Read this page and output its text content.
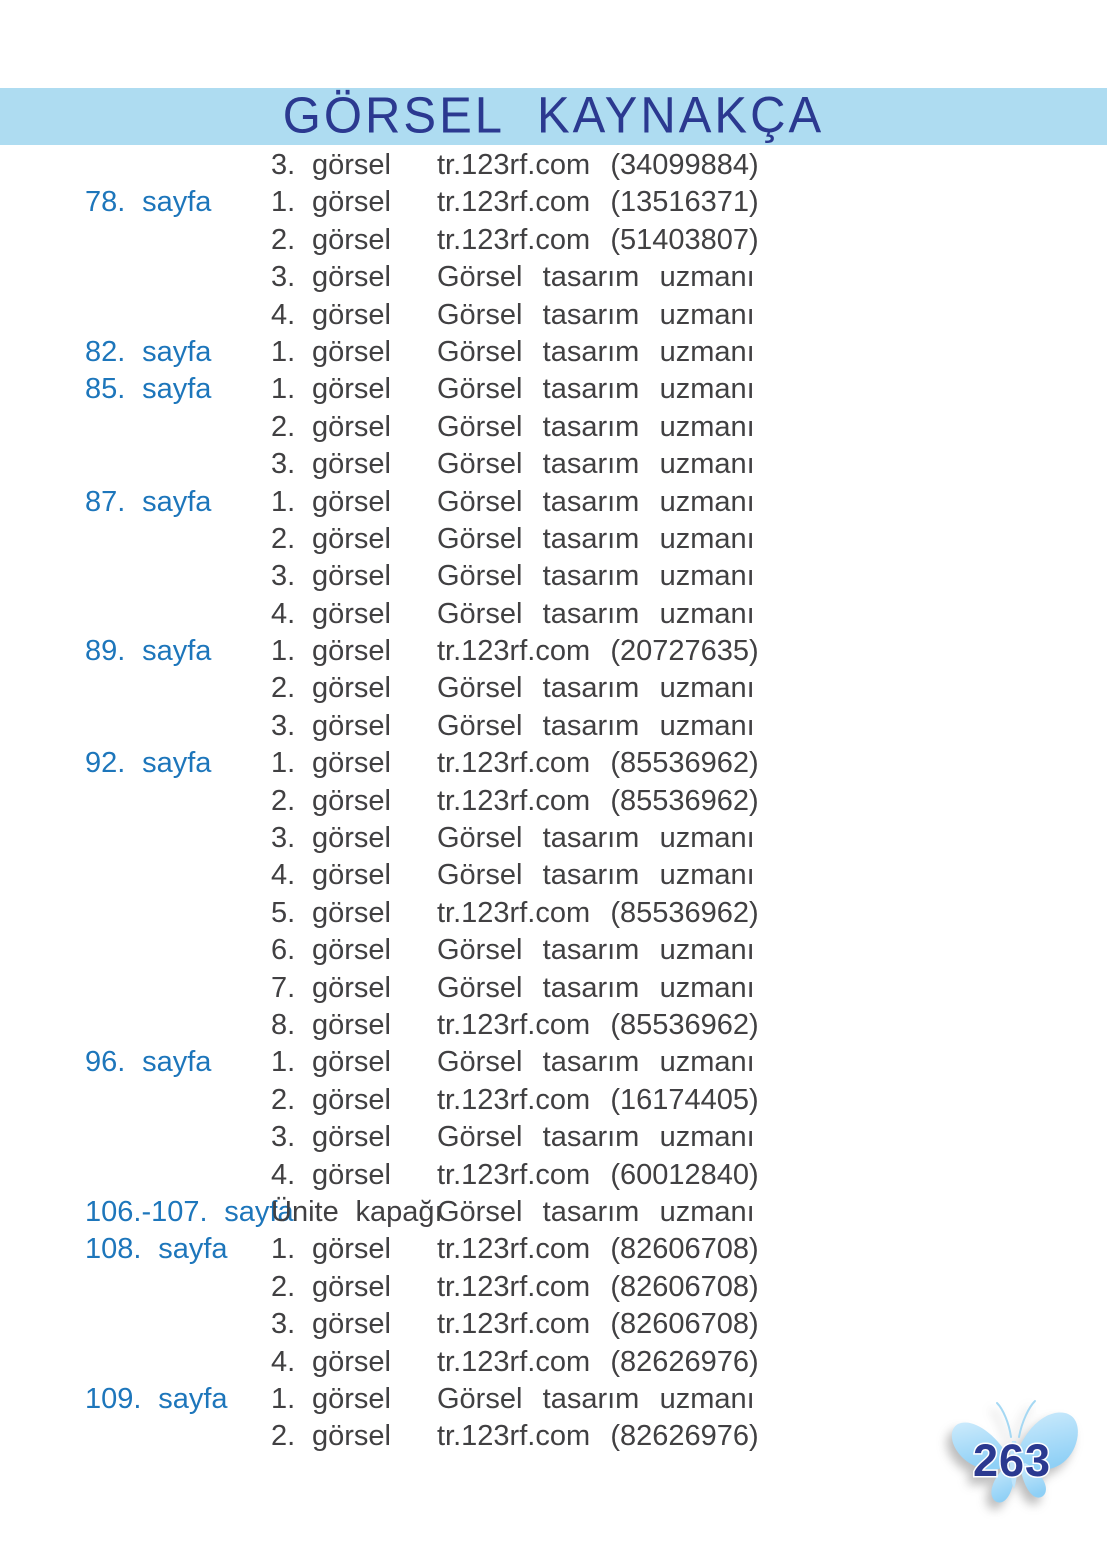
GÖRSEL KAYNAKÇA
3. görsel tr.123rf.com (34099884)
78. sayfa 1. görsel tr.123rf.com (13516371)
2. görsel tr.123rf.com (51403807)
3. görsel Görsel tasarım uzmanı
4. görsel Görsel tasarım uzmanı
82. sayfa 1. görsel Görsel tasarım uzmanı
85. sayfa 1. görsel Görsel tasarım uzmanı
2. görsel Görsel tasarım uzmanı
3. görsel Görsel tasarım uzmanı
87. sayfa 1. görsel Görsel tasarım uzmanı
2. görsel Görsel tasarım uzmanı
3. görsel Görsel tasarım uzmanı
4. görsel Görsel tasarım uzmanı
89. sayfa 1. görsel tr.123rf.com (20727635)
2. görsel Görsel tasarım uzmanı
3. görsel Görsel tasarım uzmanı
92. sayfa 1. görsel tr.123rf.com (85536962)
2. görsel tr.123rf.com (85536962)
3. görsel Görsel tasarım uzmanı
4. görsel Görsel tasarım uzmanı
5. görsel tr.123rf.com (85536962)
6. görsel Görsel tasarım uzmanı
7. görsel Görsel tasarım uzmanı
8. görsel tr.123rf.com (85536962)
96. sayfa 1. görsel Görsel tasarım uzmanı
2. görsel tr.123rf.com (16174405)
3. görsel Görsel tasarım uzmanı
4. görsel tr.123rf.com (60012840)
106.-107. sayfa
Ünite kapağı
Görsel tasarım uzmanı
108. sayfa 1. görsel tr.123rf.com (82606708)
2. görsel tr.123rf.com (82606708)
3. görsel tr.123rf.com (82606708)
4. görsel tr.123rf.com (82626976)
109. sayfa 1. görsel Görsel tasarım uzmanı
2. görsel tr.123rf.com (82626976)	263
